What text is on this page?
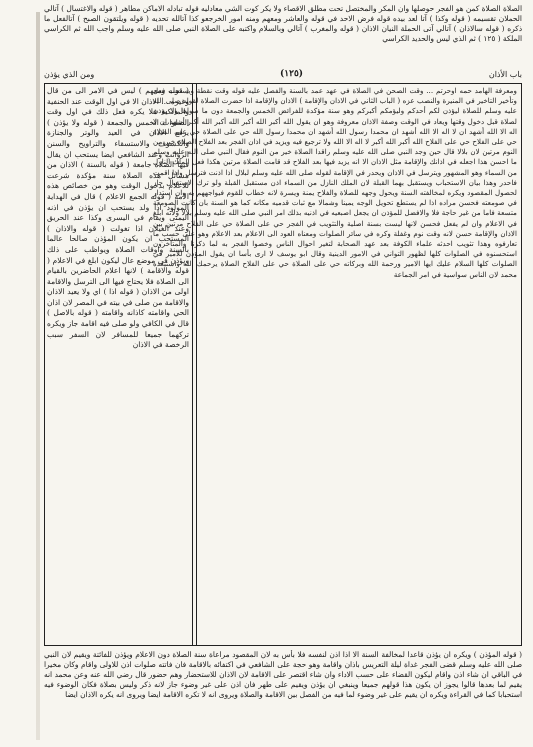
الصلاة الصلاة كمن هو الفجر حوصلها وان المكر والمختصل تحت مطلق الاقصاء ولا يكر كوت الشي معادليه قوله تبادله الاماكن مطاهر ( قوله والاغتسال ) آتالي الحملان تقسيمه ( قوله وكذا ) آتا لعد بيده قوله فرض الاحد في قوله والعاشر ومعهم ومنه امور الخرجعو كذا آتالله تحديه ( قوله ويلتقون الصبح ) آتالفعل ما ذكره ( قوله سالاذان ) آتالي آتى الحملة النيان الاذان ( قوله والمغرب ) آتالي وبالسلام واكتبه على الصلاة النبي صلى الله عليه وسلم واجب الله ثم الكراسي الملكة ( ١٢٥ ) ثم الذي ليس والحديد الكراسي
باب الأذان
(١٢٥)
ومن الذي يؤذن
ومعرفة الهامد حمه اوحرتم ... وقت الصحن في الصلاة في عهد عمد بالسنة والفصل عليه قوله وقت نقطة ويستحب فعل وتأخير التاخير في المنيرة والنصب عزه ( الباب الثاني في الاذان والإقامة ) الاذان والإقامة اذا حضرت الصلاة لقوله صلى الله عليه وسلم للصلاة ليؤذن لكم أحدكم وليؤمكم أكبركم وهو سنة مؤكدة للفرائض الخمس والجمعة دون ما سواها ولا يؤذن لصلاة قبل دخول وقتها ويعاد في الوقت وصفة الاذان معروفة وهو ان يقول الله أكبر الله أكبر الله أكبر الله أكبر أشهد ان لا اله الا الله أشهد ان لا اله الا الله أشهد ان محمدا رسول الله أشهد ان محمدا رسول الله حي على الصلاة حي على الصلاة حي على الفلاح حي على الفلاح الله أكبر الله أكبر لا اله الا الله ولا ترجيع فيه ويزيد في اذان الفجر بعد الفلاح الصلاة خير من النوم مرتين لان بلالا قال حين وجد النبي صلى الله عليه وسلم راقدا الصلاة خير من النوم فقال النبي صلى الله عليه وسلم ما احسن هذا اجعله في اذانك والإقامة مثل الاذان الا انه يزيد فيها بعد الفلاح قد قامت الصلاة مرتين هكذا فعل الملك النازل من السماء وهو المشهور ويترسل في الاذان ويحدر في الإقامة لقوله صلى الله عليه وسلم لبلال اذا اذنت فترسل واذا اقمت فاحدر وهذا بيان الاستحباب ويستقبل بهما القبلة لان الملك النازل من السماء اذن مستقبل القبلة ولو ترك الاستقبال جاز لحصول المقصود ويكره لمخالفته السنة ويحول وجهه للصلاة والفلاح يمنة ويسرة لانه خطاب للقوم فيواجههم به وان استدار في صومعته فحسن مراده اذا لم يستطع تحويل الوجه يمينا وشمالا مع ثبات قدميه مكانه كما هو السنة بان كانت الصومعة متسعة فاما من غير حاجة فلا والافضل للمؤذن ان يجعل اصبعيه في اذنيه بذلك امر النبي صلى الله عليه وسلم بلالا ولانه ابلغ في الاعلام وان لم يفعل فحسن لانها ليست بسنة اصلية والتثويب في الفجر حي على الصلاة حي على الفلاح مرتين بين الاذان والإقامة حسن لانه وقت نوم وغفلة وكره في سائر الصلوات ومعناه العود الى الاعلام بعد الاعلام وهو على حسب ما تعارفوه وهذا تثويب احدثه علماء الكوفة بعد عهد الصحابة لتغير احوال الناس وخصوا الفجر به لما ذكرنا والمتاخرون استحسنوه في الصلوات كلها لظهور التواني في الامور الدينية وقال ابو يوسف لا ارى بأسا ان يقول المؤذن للامير في الصلوات كلها السلام عليك ايها الامير ورحمة الله وبركاته حي على الصلاة حي على الفلاح الصلاة يرحمك الله واستبعده محمد لان الناس سواسية في امر الجماعة
( قوله ومعهم ) ليس في الامر الى من قال وغيره ... الاذان الا في اول الوقت عند الحنفية والمالكية فلا يكره فعل ذلك في اول وقت الصلوات الخمس والجمعة ( قوله ولا يؤذن ) يرفع الاذان في العيد والوتر والجنازة والكسوف والاستسقاء والتراويح والسنن الرواتب وعند الشافعي ايضا يستحب ان يقال فيها الصلاة جامعة ( قوله بالسنة ) الاذان من مسائل هذه الصلاة سنة مؤكدة شرعت للاعلام بدخول الوقت وهو من خصائص هذه الامة ( قوله الجمع الاعلام ) قال في الهداية المولود اذا ولد يستحب ان يؤذن في اذنه اليمنى ويقام في اليسرى وكذا عند الحريق وعند الغيلان اذا تغولت ( قوله والاذان ) المستحب ان يكون المؤذن صالحا عالما بالسنة واوقات الصلاة ويواظب على ذلك ويؤذن في موضع عال ليكون ابلغ في الاعلام ( قوله والاقامة ) لانها اعلام الحاضرين بالقيام الى الصلاة فلا يحتاج فيها الى الترسل والاقامة اولى من الاذان ( قوله اذا ) اي ولا يعيد الاذان والاقامة من صلى في بيته في المصر لان اذان الحي واقامته كاذانه واقامته ( قوله بالاصل ) قال في الكافي ولو صلى فيه اقامة جاز ويكره تركهما جميعا للمسافر لان السفر سبب الرخصة في الاذان
( قوله المؤذن ) ويكره ان يؤذن قاعدا لمخالفة السنة الا اذا اذن لنفسه فلا بأس به لان المقصود مراعاة سنة الصلاة دون الاعلام ويؤذن للفائتة ويقيم لان النبي صلى الله عليه وسلم قضى الفجر غداة ليلة التعريس باذان واقامة وهو حجة على الشافعي في اكتفائه بالاقامة فان فاتته صلوات اذن للاولى واقام وكان مخيرا في الباقي ان شاء اذن واقام ليكون القضاء على حسب الاداء وان شاء اقتصر على الاقامة لان الاذان للاستحضار وهم حضور قال رضي الله عنه وعن محمد انه يقيم لما بعدها قالوا يجوز ان يكون هذا قولهم جميعا وينبغي ان يؤذن ويقيم على طهر فان اذن على غير وضوء جاز لانه ذكر وليس بصلاة فكان الوضوء فيه استحبابا كما في القراءة ويكره ان يقيم على غير وضوء لما فيه من الفصل بين الاقامة والصلاة ويروى انه لا تكره الاقامة ايضا ويروى انه يكره الاذان ايضا
